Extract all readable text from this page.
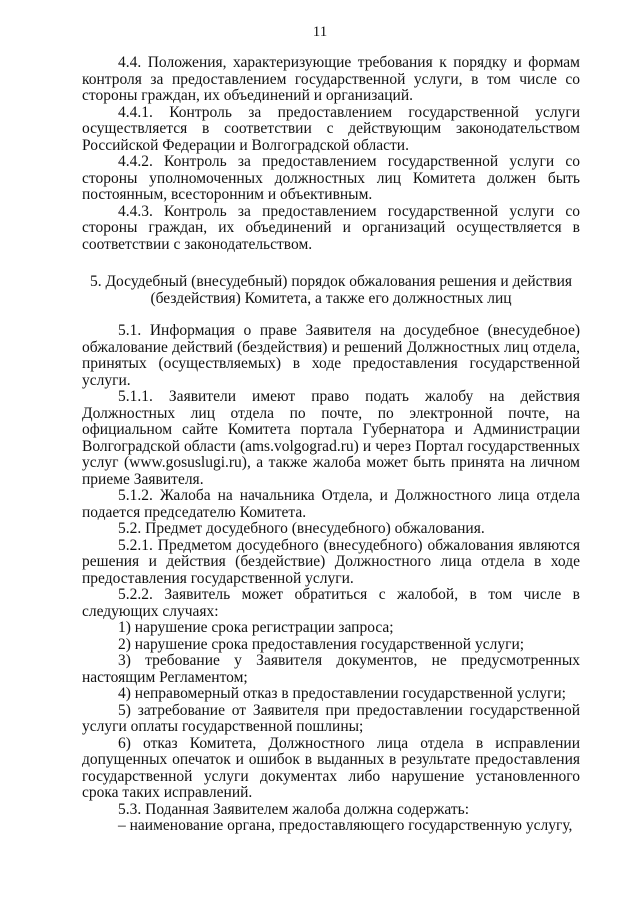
11

4.4. Положения, характеризующие требования к порядку и формам контроля за предоставлением государственной услуги, в том числе со стороны граждан, их объединений и организаций.

4.4.1. Контроль за предоставлением государственной услуги осуществляется в соответствии с действующим законодательством Российской Федерации и Волгоградской области.

4.4.2. Контроль за предоставлением государственной услуги со стороны уполномоченных должностных лиц Комитета должен быть постоянным, всесторонним и объективным.

4.4.3. Контроль за предоставлением государственной услуги со стороны граждан, их объединений и организаций осуществляется в соответствии с законодательством.

5. Досудебный (внесудебный) порядок обжалования решения и действия (бездействия) Комитета, а также его должностных лиц

5.1. Информация о праве Заявителя на досудебное (внесудебное) обжалование действий (бездействия) и решений Должностных лиц отдела, принятых (осуществляемых) в ходе предоставления государственной услуги.

5.1.1. Заявители имеют право подать жалобу на действия Должностных лиц отдела по почте, по электронной почте, на официальном сайте Комитета портала Губернатора и Администрации Волгоградской области (ams.volgograd.ru) и через Портал государственных услуг (www.gosuslugi.ru), а также жалоба может быть принята на личном приеме Заявителя.

5.1.2. Жалоба на начальника Отдела, и Должностного лица отдела подается председателю Комитета.

5.2. Предмет досудебного (внесудебного) обжалования.

5.2.1. Предметом досудебного (внесудебного) обжалования являются решения и действия (бездействие) Должностного лица отдела в ходе предоставления государственной услуги.

5.2.2. Заявитель может обратиться с жалобой, в том числе в следующих случаях:

1) нарушение срока регистрации запроса;

2) нарушение срока предоставления государственной услуги;

3) требование у Заявителя документов, не предусмотренных настоящим Регламентом;

4) неправомерный отказ в предоставлении государственной услуги;

5) затребование от Заявителя при предоставлении государственной услуги оплаты государственной пошлины;

6) отказ Комитета, Должностного лица отдела в исправлении допущенных опечаток и ошибок в выданных в результате предоставления государственной услуги документах либо нарушение установленного срока таких исправлений.

5.3. Поданная Заявителем жалоба должна содержать:

– наименование органа, предоставляющего государственную услугу,
